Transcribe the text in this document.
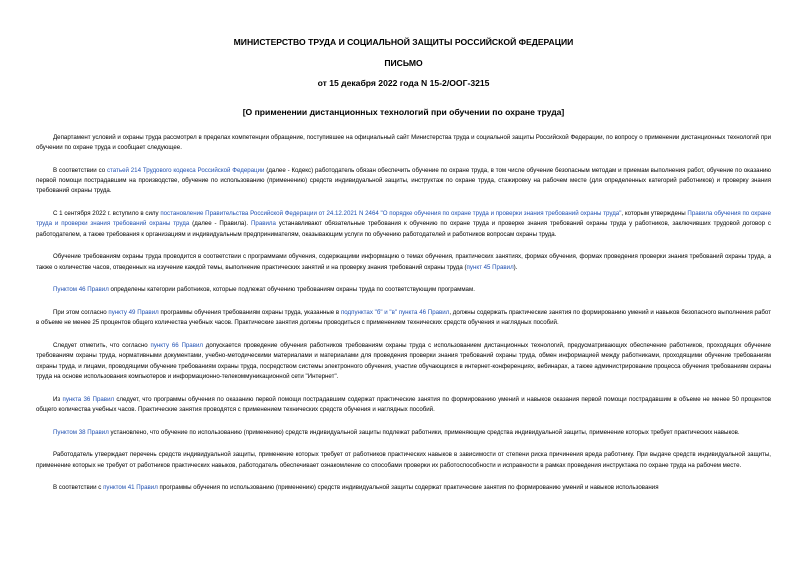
МИНИСТЕРСТВО ТРУДА И СОЦИАЛЬНОЙ ЗАЩИТЫ РОССИЙСКОЙ ФЕДЕРАЦИИ
ПИСЬМО
от 15 декабря 2022 года N 15-2/ООГ-3215
[О применении дистанционных технологий при обучении по охране труда]

Департамент условий и охраны труда рассмотрел в пределах компетенции обращение, поступившее на официальный сайт Министерства труда и социальной защиты Российской Федерации, по вопросу о применении дистанционных технологий при обучении по охране труда и сообщает следующее.

В соответствии со статьей 214 Трудового кодекса Российской Федерации (далее - Кодекс) работодатель обязан обеспечить обучение по охране труда, в том числе обучение безопасным методам и приемам выполнения работ, обучение по оказанию первой помощи пострадавшим на производстве, обучение по использованию (применению) средств индивидуальной защиты, инструктаж по охране труда, стажировку на рабочем месте (для определенных категорий работников) и проверку знания требований охраны труда.

С 1 сентября 2022 г. вступило в силу постановление Правительства Российской Федерации от 24.12.2021 N 2464 "О порядке обучения по охране труда и проверки знания требований охраны труда", которым утверждены Правила обучения по охране труда и проверки знания требований охраны труда (далее - Правила). Правила устанавливают обязательные требования к обучению по охране труда и проверке знания требований охраны труда у работников, заключивших трудовой договор с работодателем, а также требования к организациям и индивидуальным предпринимателям, оказывающим услуги по обучению работодателей и работников вопросам охраны труда.

Обучение требованиям охраны труда проводится в соответствии с программами обучения, содержащими информацию о темах обучения, практических занятиях, формах обучения, формах проведения проверки знания требований охраны труда, а также о количестве часов, отведенных на изучение каждой темы, выполнение практических занятий и на проверку знания требований охраны труда (пункт 45 Правил).

Пунктом 46 Правил определены категории работников, которые подлежат обучению требованиям охраны труда по соответствующим программам.

При этом согласно пункту 49 Правил программы обучения требованиям охраны труда, указанные в подпунктах "б" и "в" пункта 46 Правил, должны содержать практические занятия по формированию умений и навыков безопасного выполнения работ в объеме не менее 25 процентов общего количества учебных часов. Практические занятия должны проводиться с применением технических средств обучения и наглядных пособий.

Следует отметить, что согласно пункту 66 Правил допускается проведение обучения работников требованиям охраны труда с использованием дистанционных технологий, предусматривающих обеспечение работников, проходящих обучение требованиям охраны труда, нормативными документами, учебно-методическими материалами и материалами для проведения проверки знания требований охраны труда, обмен информацией между работниками, проходящими обучение требованиям охраны труда, и лицами, проводящими обучение требованиям охраны труда, посредством системы электронного обучения, участие обучающихся в интернет-конференциях, вебинарах, а также администрирование процесса обучения требованиям охраны труда на основе использования компьютеров и информационно-телекоммуникационной сети "Интернет".

Из пункта 36 Правил следует, что программы обучения по оказанию первой помощи пострадавшим содержат практические занятия по формированию умений и навыков оказания первой помощи пострадавшим в объеме не менее 50 процентов общего количества учебных часов. Практические занятия проводятся с применением технических средств обучения и наглядных пособий.

Пунктом 38 Правил установлено, что обучение по использованию (применению) средств индивидуальной защиты подлежат работники, применяющие средства индивидуальной защиты, применение которых требует практических навыков.

Работодатель утверждает перечень средств индивидуальной защиты, применение которых требует от работников практических навыков в зависимости от степени риска причинения вреда работнику. При выдаче средств индивидуальной защиты, применение которых не требует от работников практических навыков, работодатель обеспечивает ознакомление со способами проверки их работоспособности и исправности в рамках проведения инструктажа по охране труда на рабочем месте.

В соответствии с пунктом 41 Правил программы обучения по использованию (применению) средств индивидуальной защиты содержат практические занятия по формированию умений и навыков использования
